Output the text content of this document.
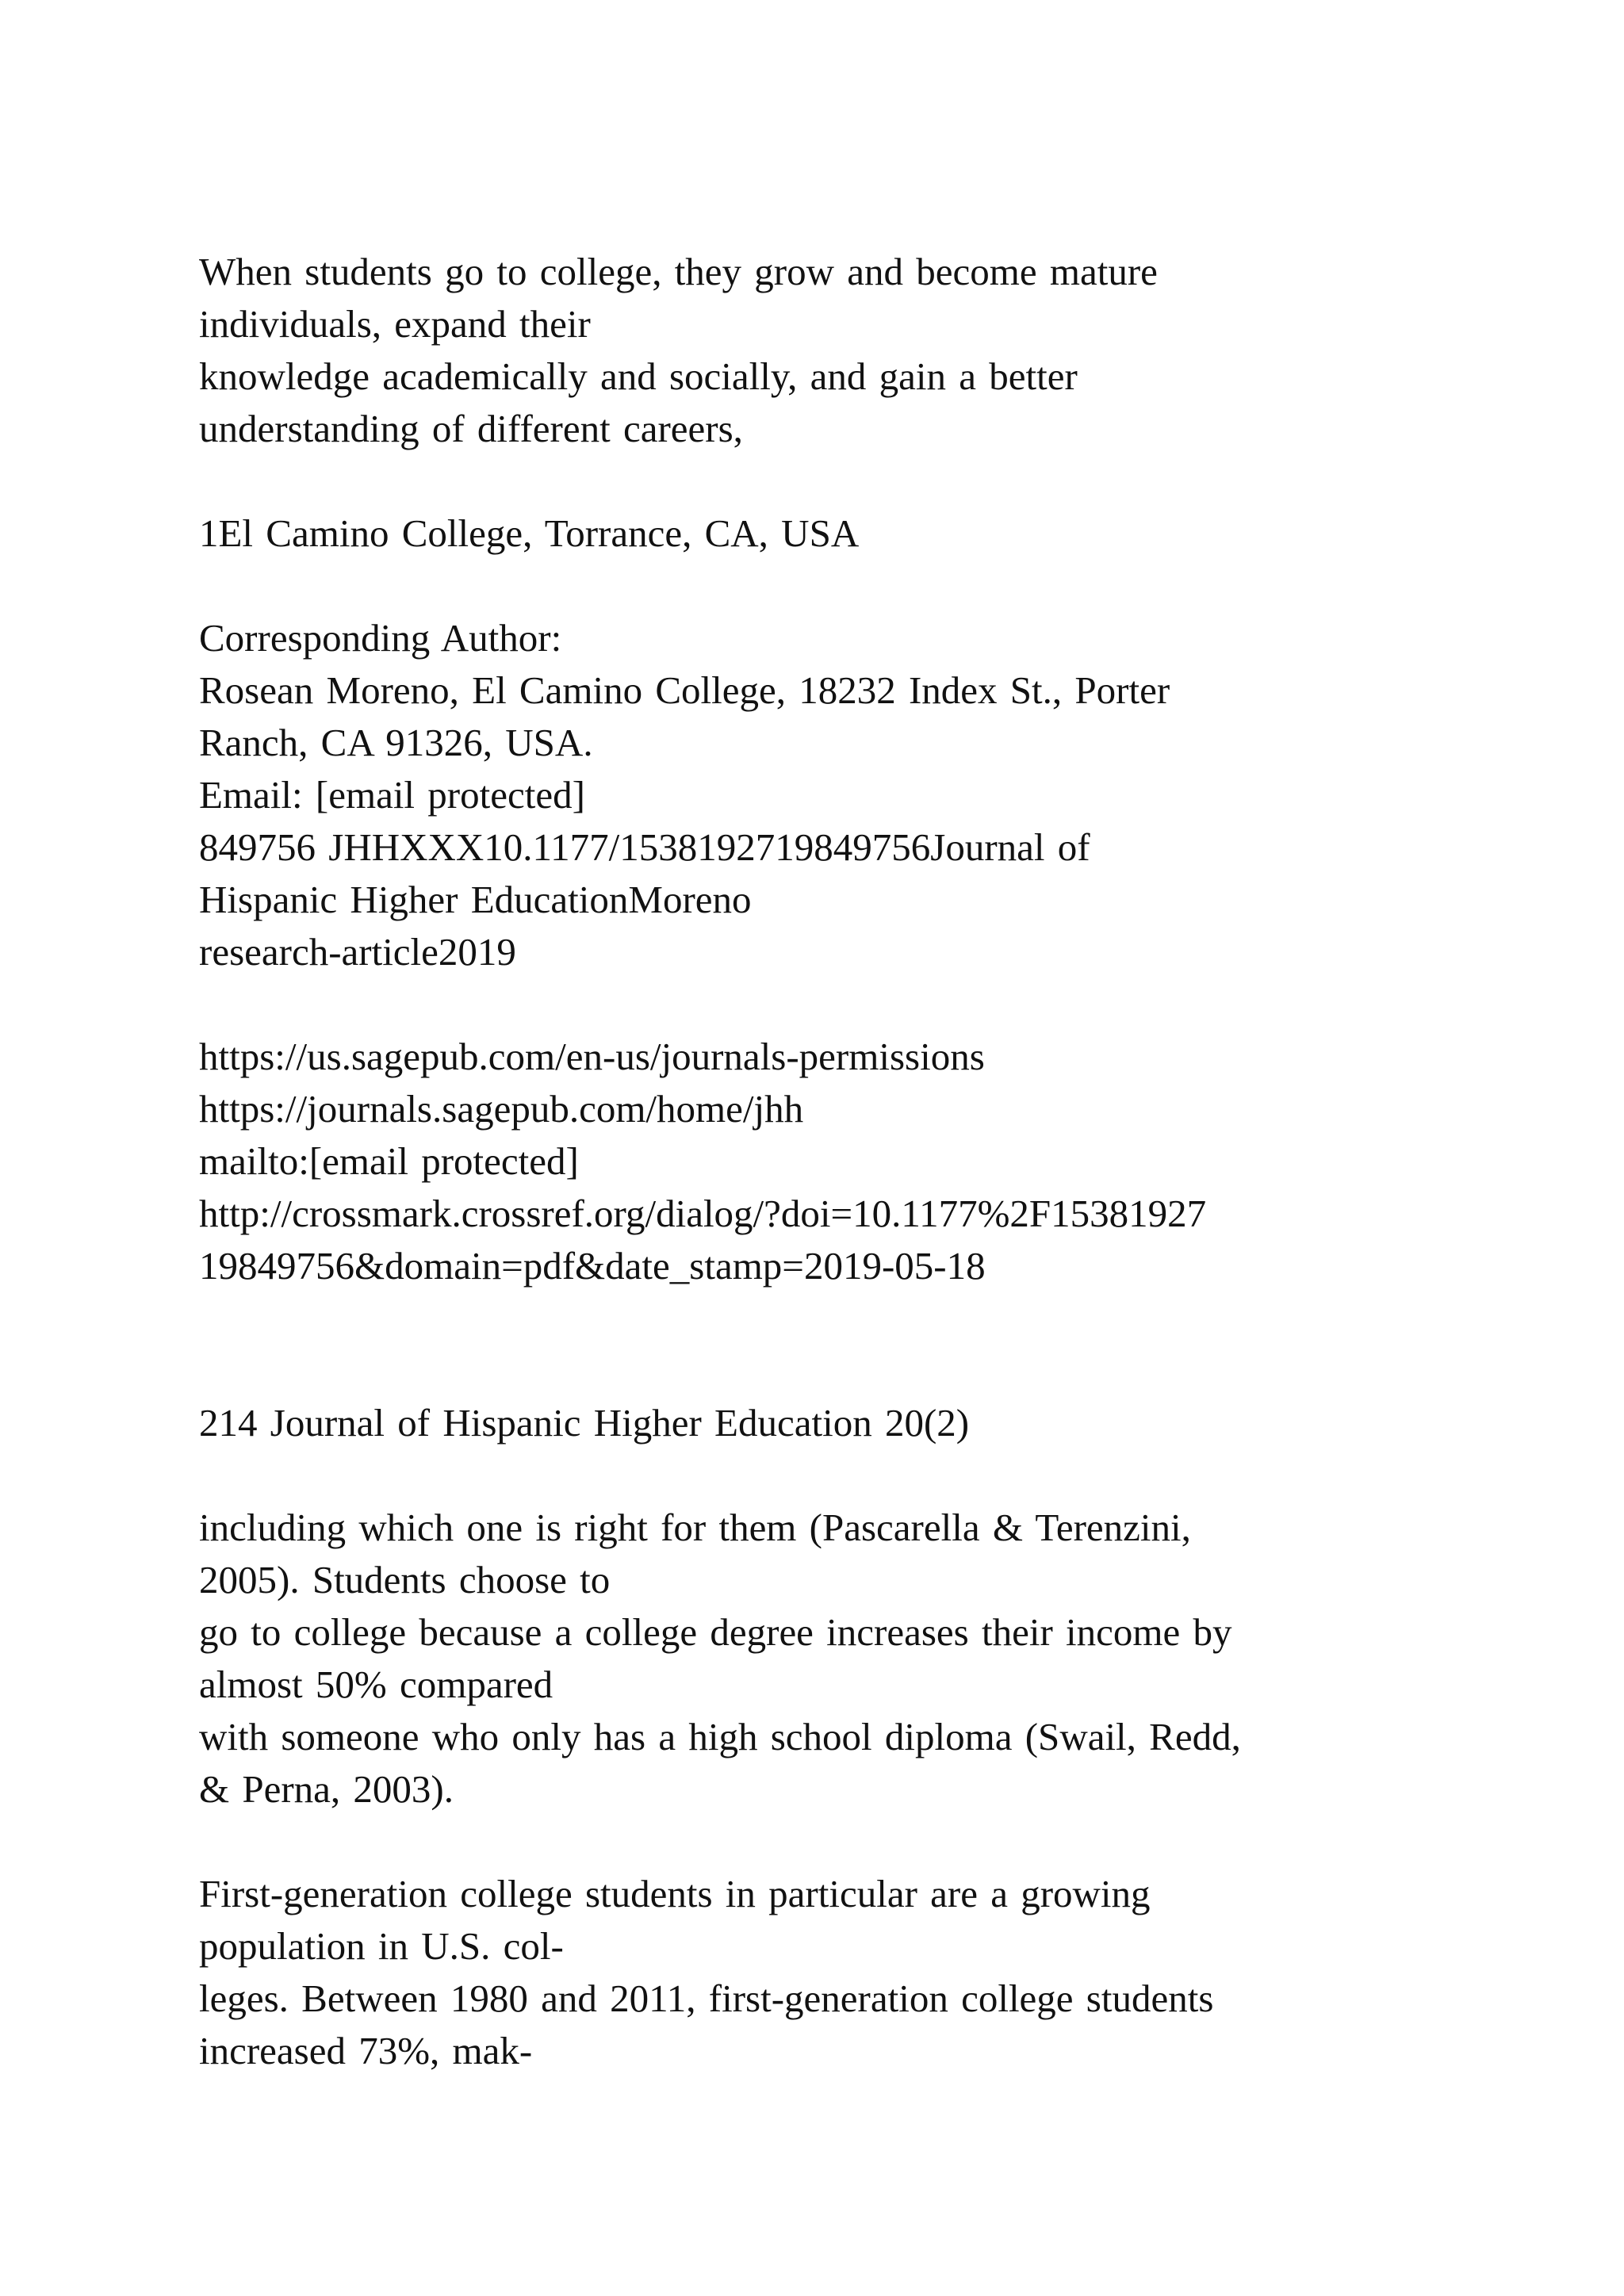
When students go to college, they grow and become mature
individuals, expand their
knowledge academically and socially, and gain a better
understanding of different careers,
1El Camino College, Torrance, CA, USA
Corresponding Author:
Rosean Moreno, El Camino College, 18232 Index St., Porter
Ranch, CA 91326, USA.
Email: [email protected]
849756 JHHXXX10.1177/1538192719849756Journal of
Hispanic Higher EducationMoreno
research-article2019
https://us.sagepub.com/en-us/journals-permissions
https://journals.sagepub.com/home/jhh
mailto:[email protected]
http://crossmark.crossref.org/dialog/?doi=10.1177%2F15381927
19849756&domain=pdf&date_stamp=2019-05-18
214 Journal of Hispanic Higher Education 20(2)
including which one is right for them (Pascarella & Terenzini,
2005). Students choose to
go to college because a college degree increases their income by
almost 50% compared
with someone who only has a high school diploma (Swail, Redd,
& Perna, 2003).
First-generation college students in particular are a growing
population in U.S. col-
leges. Between 1980 and 2011, first-generation college students
increased 73%, mak-
